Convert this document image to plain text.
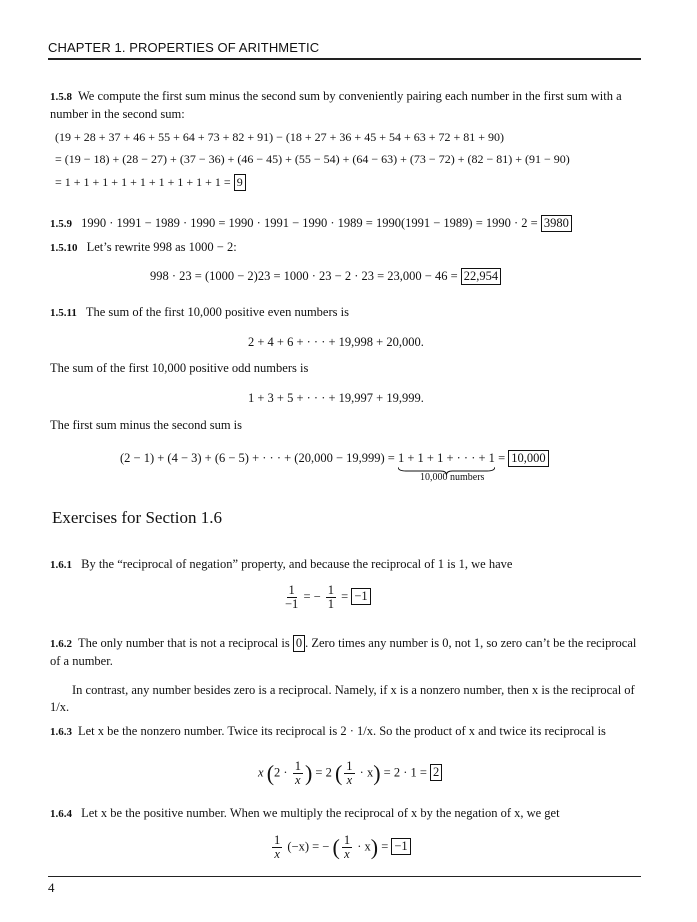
CHAPTER 1. PROPERTIES OF ARITHMETIC
1.5.8 We compute the first sum minus the second sum by conveniently pairing each number in the first sum with a number in the second sum:
(19 + 28 + 37 + 46 + 55 + 64 + 73 + 82 + 91) − (18 + 27 + 36 + 45 + 54 + 63 + 72 + 81 + 90)
= (19 − 18) + (28 − 27) + (37 − 36) + (46 − 45) + (55 − 54) + (64 − 63) + (73 − 72) + (82 − 81) + (91 − 90)
= 1 + 1 + 1 + 1 + 1 + 1 + 1 + 1 + 1 = 9
1.5.9 1990 · 1991 − 1989 · 1990 = 1990 · 1991 − 1990 · 1989 = 1990(1991 − 1989) = 1990 · 2 = 3980
1.5.10 Let’s rewrite 998 as 1000 − 2:
998 · 23 = (1000 − 2)23 = 1000 · 23 − 2 · 23 = 23,000 − 46 = 22,954
1.5.11 The sum of the first 10,000 positive even numbers is
2 + 4 + 6 + · · · + 19,998 + 20,000.
The sum of the first 10,000 positive odd numbers is
1 + 3 + 5 + · · · + 19,997 + 19,999.
The first sum minus the second sum is
(2 − 1) + (4 − 3) + (6 − 5) + · · · + (20,000 − 19,999) = 1 + 1 + 1 + · · · + 1 = 10,000
10,000 numbers
Exercises for Section 1.6
1.6.1 By the “reciprocal of negation” property, and because the reciprocal of 1 is 1, we have
$\frac{1}{-1}$ = − $\frac{1}{1} = -1$
1.6.2 The only number that is not a reciprocal is 0 . Zero times any number is 0, not 1, so zero can’t be the reciprocal of a number.
In contrast, any number besides zero is a reciprocal. Namely, if x is a nonzero number, then x is the reciprocal of 1/x.
1.6.3 Let x be the nonzero number. Twice its reciprocal is 2 · 1/x. So the product of x and twice its reciprocal is
x ($2 \cdot \frac{1}{x}$ ) = 2 ( $\frac{1}{x} \cdot x) = 2 \cdot 1 = 2$
1.6.4 Let x be the positive number. When we multiply the reciprocal of x by the negation of x, we get
$\frac{1}{x} (-x)$ = − ( $\frac{1}{x} \cdot x) = -1$
4
